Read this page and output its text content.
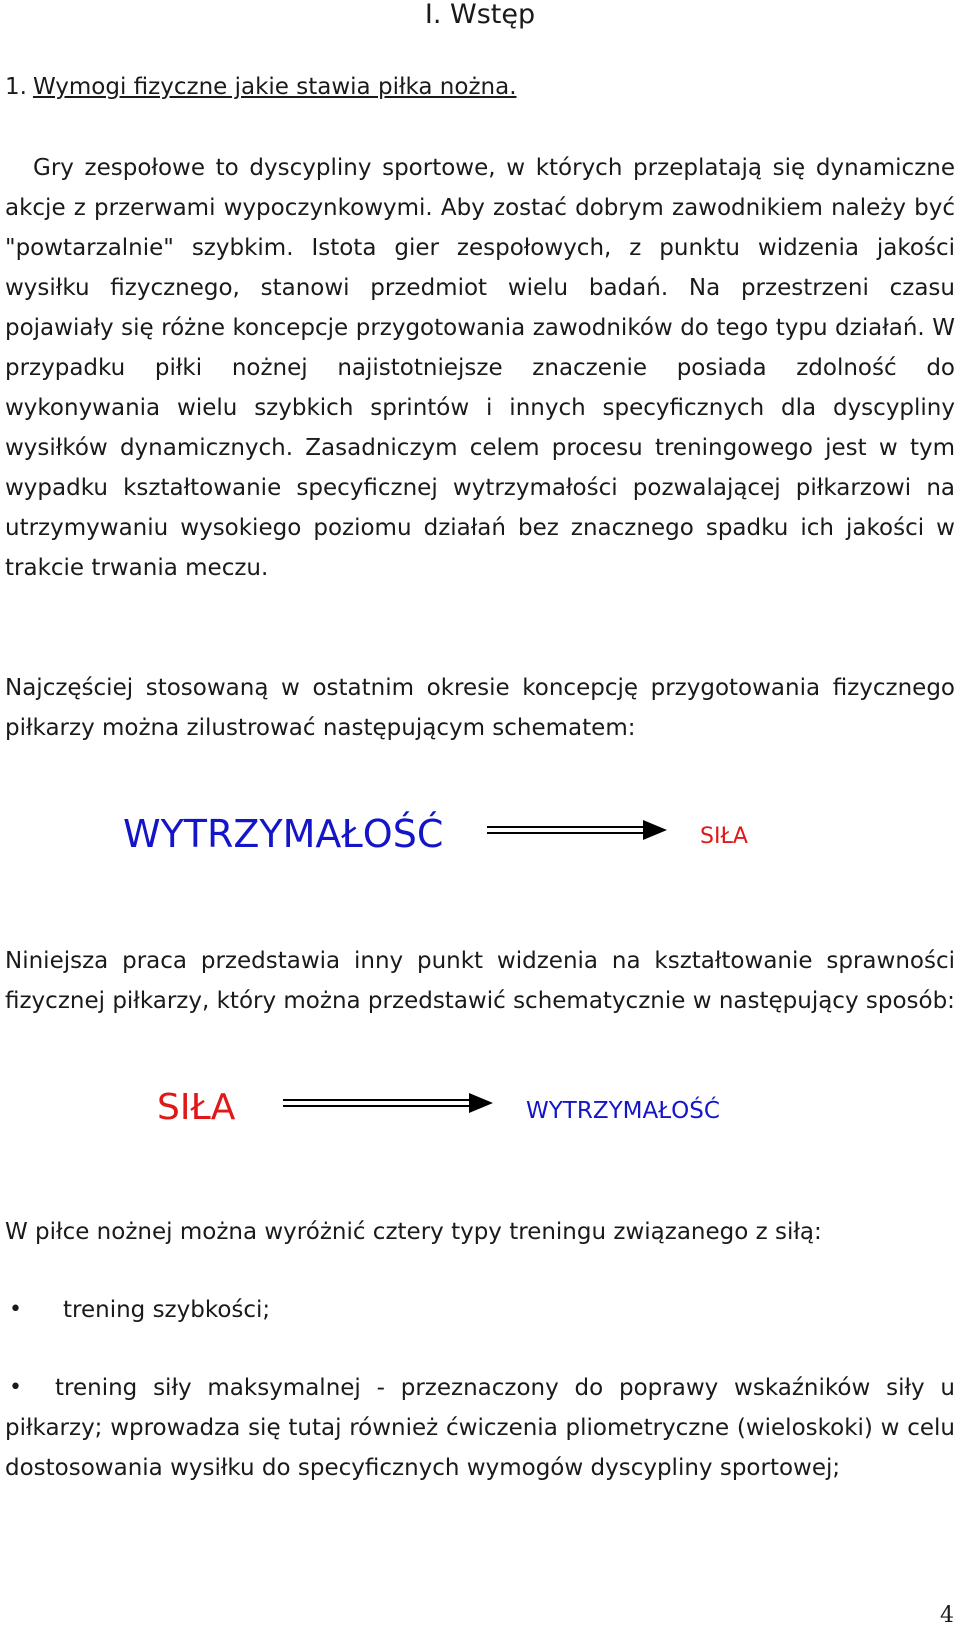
I. Wstęp
1. Wymogi fizyczne jakie stawia piłka nożna.

Gry zespołowe to dyscypliny sportowe, w których przeplatają się dynamiczne akcje z przerwami wypoczynkowymi. Aby zostać dobrym zawodnikiem należy być "powtarzalnie" szybkim. Istota gier zespołowych, z punktu widzenia jakości wysiłku fizycznego, stanowi przedmiot wielu badań. Na przestrzeni czasu pojawiały się różne koncepcje przygotowania zawodników do tego typu działań. W przypadku piłki nożnej najistotniejsze znaczenie posiada zdolność do wykonywania wielu szybkich sprintów i innych specyficznych dla dyscypliny wysiłków dynamicznych. Zasadniczym celem procesu treningowego jest w tym wypadku kształtowanie specyficznej wytrzymałości pozwalającej piłkarzowi na utrzymywaniu wysokiego poziomu działań bez znacznego spadku ich jakości w trakcie trwania meczu.

Najczęściej stosowaną w ostatnim okresie koncepcję przygotowania fizycznego piłkarzy można zilustrować następującym schematem:

WYTRZYMAŁOŚĆ	SIŁA

Niniejsza praca przedstawia inny punkt widzenia na kształtowanie sprawności fizycznej piłkarzy, który można przedstawić schematycznie w następujący sposób:

SIŁA	WYTRZYMAŁOŚĆ

W piłce nożnej można wyróżnić cztery typy treningu związanego z siłą:

•	trening szybkości;
•	trening siły maksymalnej - przeznaczony do poprawy wskaźników siły u piłkarzy; wprowadza się tutaj również ćwiczenia pliometryczne (wieloskoki) w celu dostosowania wysiłku do specyficznych wymogów dyscypliny sportowej;
4
